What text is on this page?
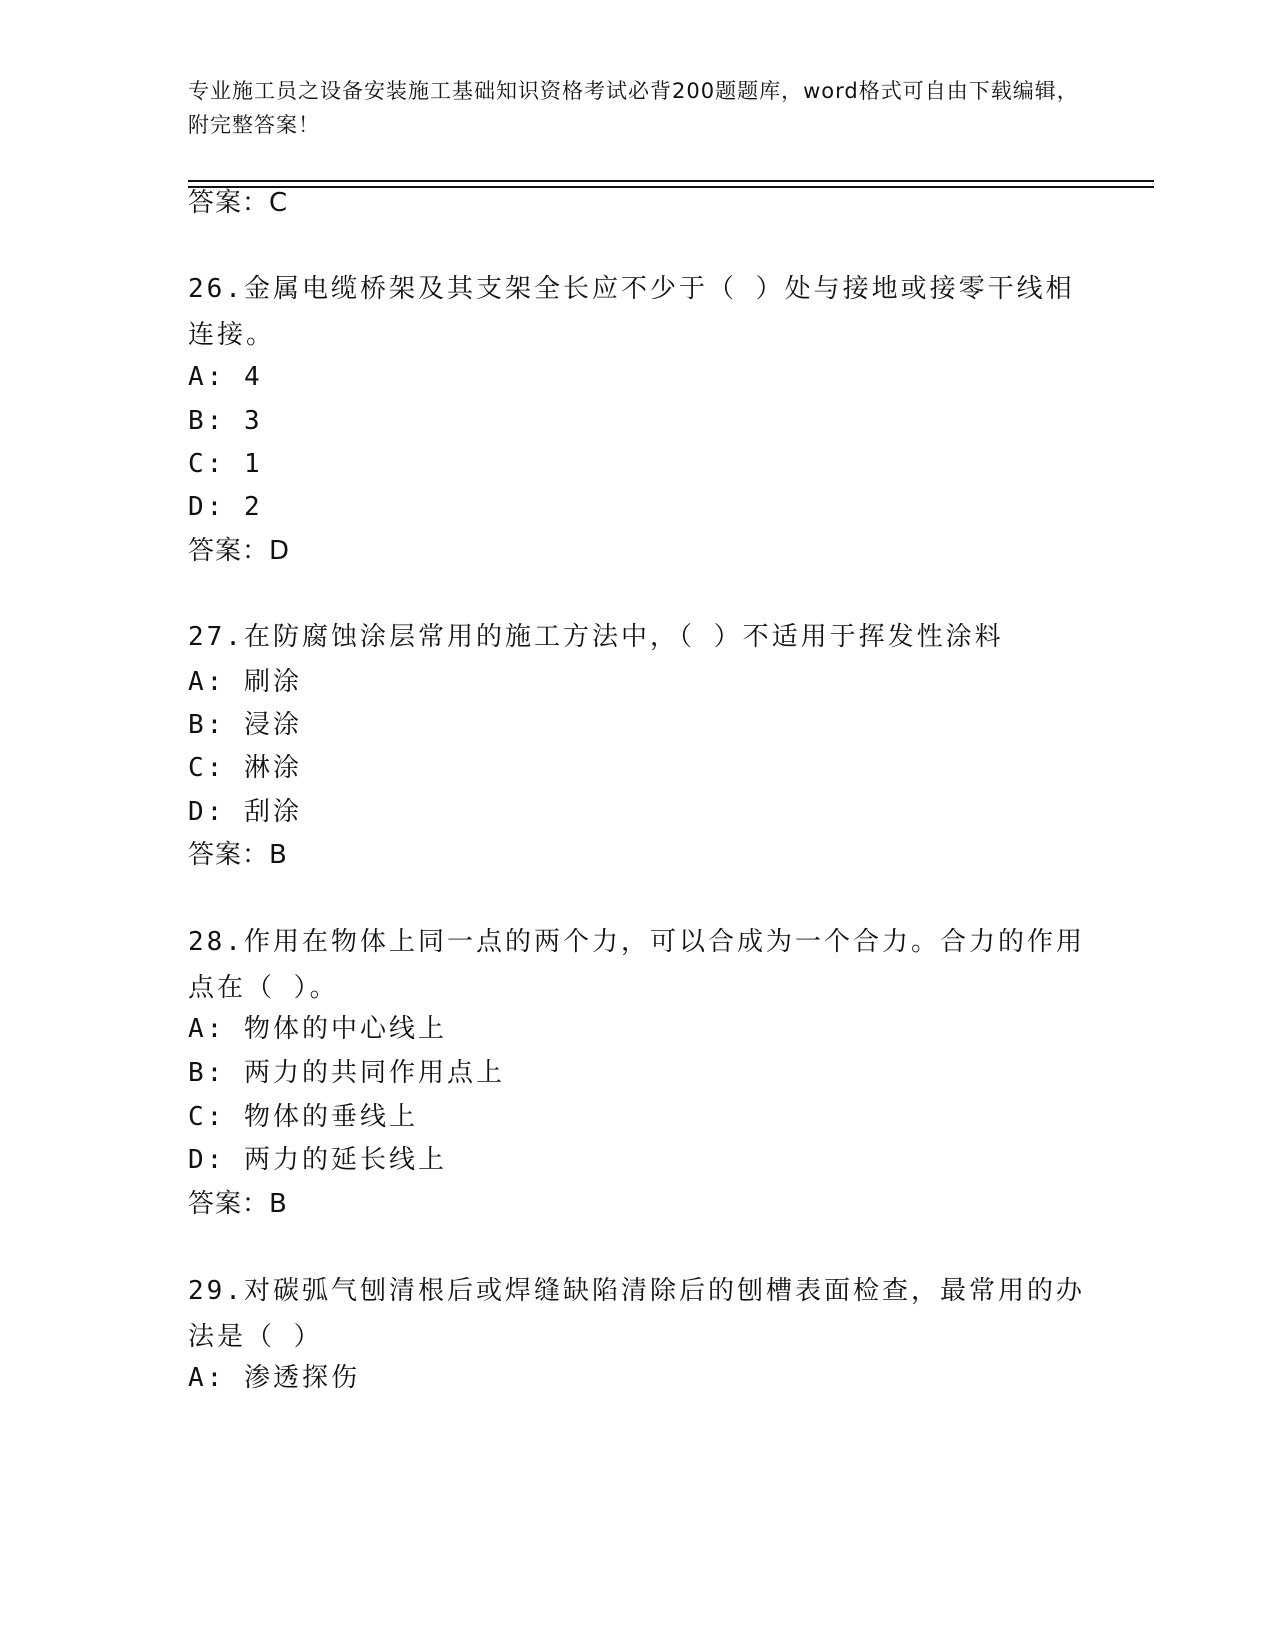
专业施工员之设备安装施工基础知识资格考试必背200题题库，word格式可自由下载编辑，附完整答案！
答案：C
26.金属电缆桥架及其支架全长应不少于（ ）处与接地或接零干线相连接。
A: 4
B: 3
C: 1
D: 2
答案：D
27.在防腐蚀涂层常用的施工方法中，（ ）不适用于挥发性涂料
A: 刷涂
B: 浸涂
C: 淋涂
D: 刮涂
答案：B
28.作用在物体上同一点的两个力，可以合成为一个合力。合力的作用点在（ ）。
A: 物体的中心线上
B: 两力的共同作用点上
C: 物体的垂线上
D: 两力的延长线上
答案：B
29.对碳弧气刨清根后或焊缝缺陷清除后的刨槽表面检查，最常用的办法是（ ）
A: 渗透探伤
